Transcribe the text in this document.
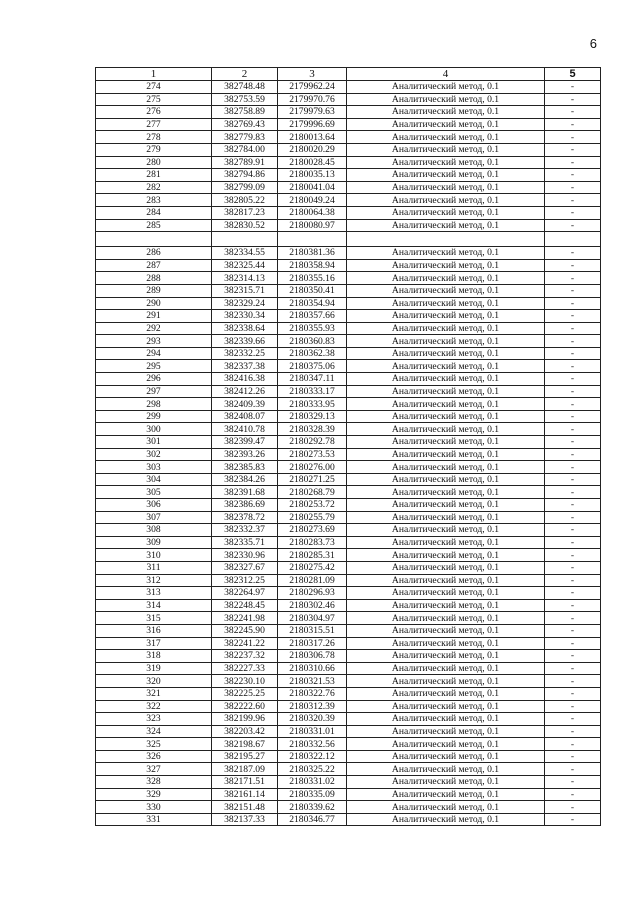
6
1	2	3	4	5
274	382748.48	2179962.24	Аналитический метод, 0.1	-
275	382753.59	2179970.76	Аналитический метод, 0.1	-
276	382758.89	2179979.63	Аналитический метод, 0.1	-
277	382769.43	2179996.69	Аналитический метод, 0.1	-
278	382779.83	2180013.64	Аналитический метод, 0.1	-
279	382784.00	2180020.29	Аналитический метод, 0.1	-
280	382789.91	2180028.45	Аналитический метод, 0.1	-
281	382794.86	2180035.13	Аналитический метод, 0.1	-
282	382799.09	2180041.04	Аналитический метод, 0.1	-
283	382805.22	2180049.24	Аналитический метод, 0.1	-
284	382817.23	2180064.38	Аналитический метод, 0.1	-
285	382830.52	2180080.97	Аналитический метод, 0.1	-

286	382334.55	2180381.36	Аналитический метод, 0.1	-
287	382325.44	2180358.94	Аналитический метод, 0.1	-
288	382314.13	2180355.16	Аналитический метод, 0.1	-
289	382315.71	2180350.41	Аналитический метод, 0.1	-
290	382329.24	2180354.94	Аналитический метод, 0.1	-
291	382330.34	2180357.66	Аналитический метод, 0.1	-
292	382338.64	2180355.93	Аналитический метод, 0.1	-
293	382339.66	2180360.83	Аналитический метод, 0.1	-
294	382332.25	2180362.38	Аналитический метод, 0.1	-
295	382337.38	2180375.06	Аналитический метод, 0.1	-
296	382416.38	2180347.11	Аналитический метод, 0.1	-
297	382412.26	2180333.17	Аналитический метод, 0.1	-
298	382409.39	2180333.95	Аналитический метод, 0.1	-
299	382408.07	2180329.13	Аналитический метод, 0.1	-
300	382410.78	2180328.39	Аналитический метод, 0.1	-
301	382399.47	2180292.78	Аналитический метод, 0.1	-
302	382393.26	2180273.53	Аналитический метод, 0.1	-
303	382385.83	2180276.00	Аналитический метод, 0.1	-
304	382384.26	2180271.25	Аналитический метод, 0.1	-
305	382391.68	2180268.79	Аналитический метод, 0.1	-
306	382386.69	2180253.72	Аналитический метод, 0.1	-
307	382378.72	2180255.79	Аналитический метод, 0.1	-
308	382332.37	2180273.69	Аналитический метод, 0.1	-
309	382335.71	2180283.73	Аналитический метод, 0.1	-
310	382330.96	2180285.31	Аналитический метод, 0.1	-
311	382327.67	2180275.42	Аналитический метод, 0.1	-
312	382312.25	2180281.09	Аналитический метод, 0.1	-
313	382264.97	2180296.93	Аналитический метод, 0.1	-
314	382248.45	2180302.46	Аналитический метод, 0.1	-
315	382241.98	2180304.97	Аналитический метод, 0.1	-
316	382245.90	2180315.51	Аналитический метод, 0.1	-
317	382241.22	2180317.26	Аналитический метод, 0.1	-
318	382237.32	2180306.78	Аналитический метод, 0.1	-
319	382227.33	2180310.66	Аналитический метод, 0.1	-
320	382230.10	2180321.53	Аналитический метод, 0.1	-
321	382225.25	2180322.76	Аналитический метод, 0.1	-
322	382222.60	2180312.39	Аналитический метод, 0.1	-
323	382199.96	2180320.39	Аналитический метод, 0.1	-
324	382203.42	2180331.01	Аналитический метод, 0.1	-
325	382198.67	2180332.56	Аналитический метод, 0.1	-
326	382195.27	2180322.12	Аналитический метод, 0.1	-
327	382187.09	2180325.22	Аналитический метод, 0.1	-
328	382171.51	2180331.02	Аналитический метод, 0.1	-
329	382161.14	2180335.09	Аналитический метод, 0.1	-
330	382151.48	2180339.62	Аналитический метод, 0.1	-
331	382137.33	2180346.77	Аналитический метод, 0.1	-
